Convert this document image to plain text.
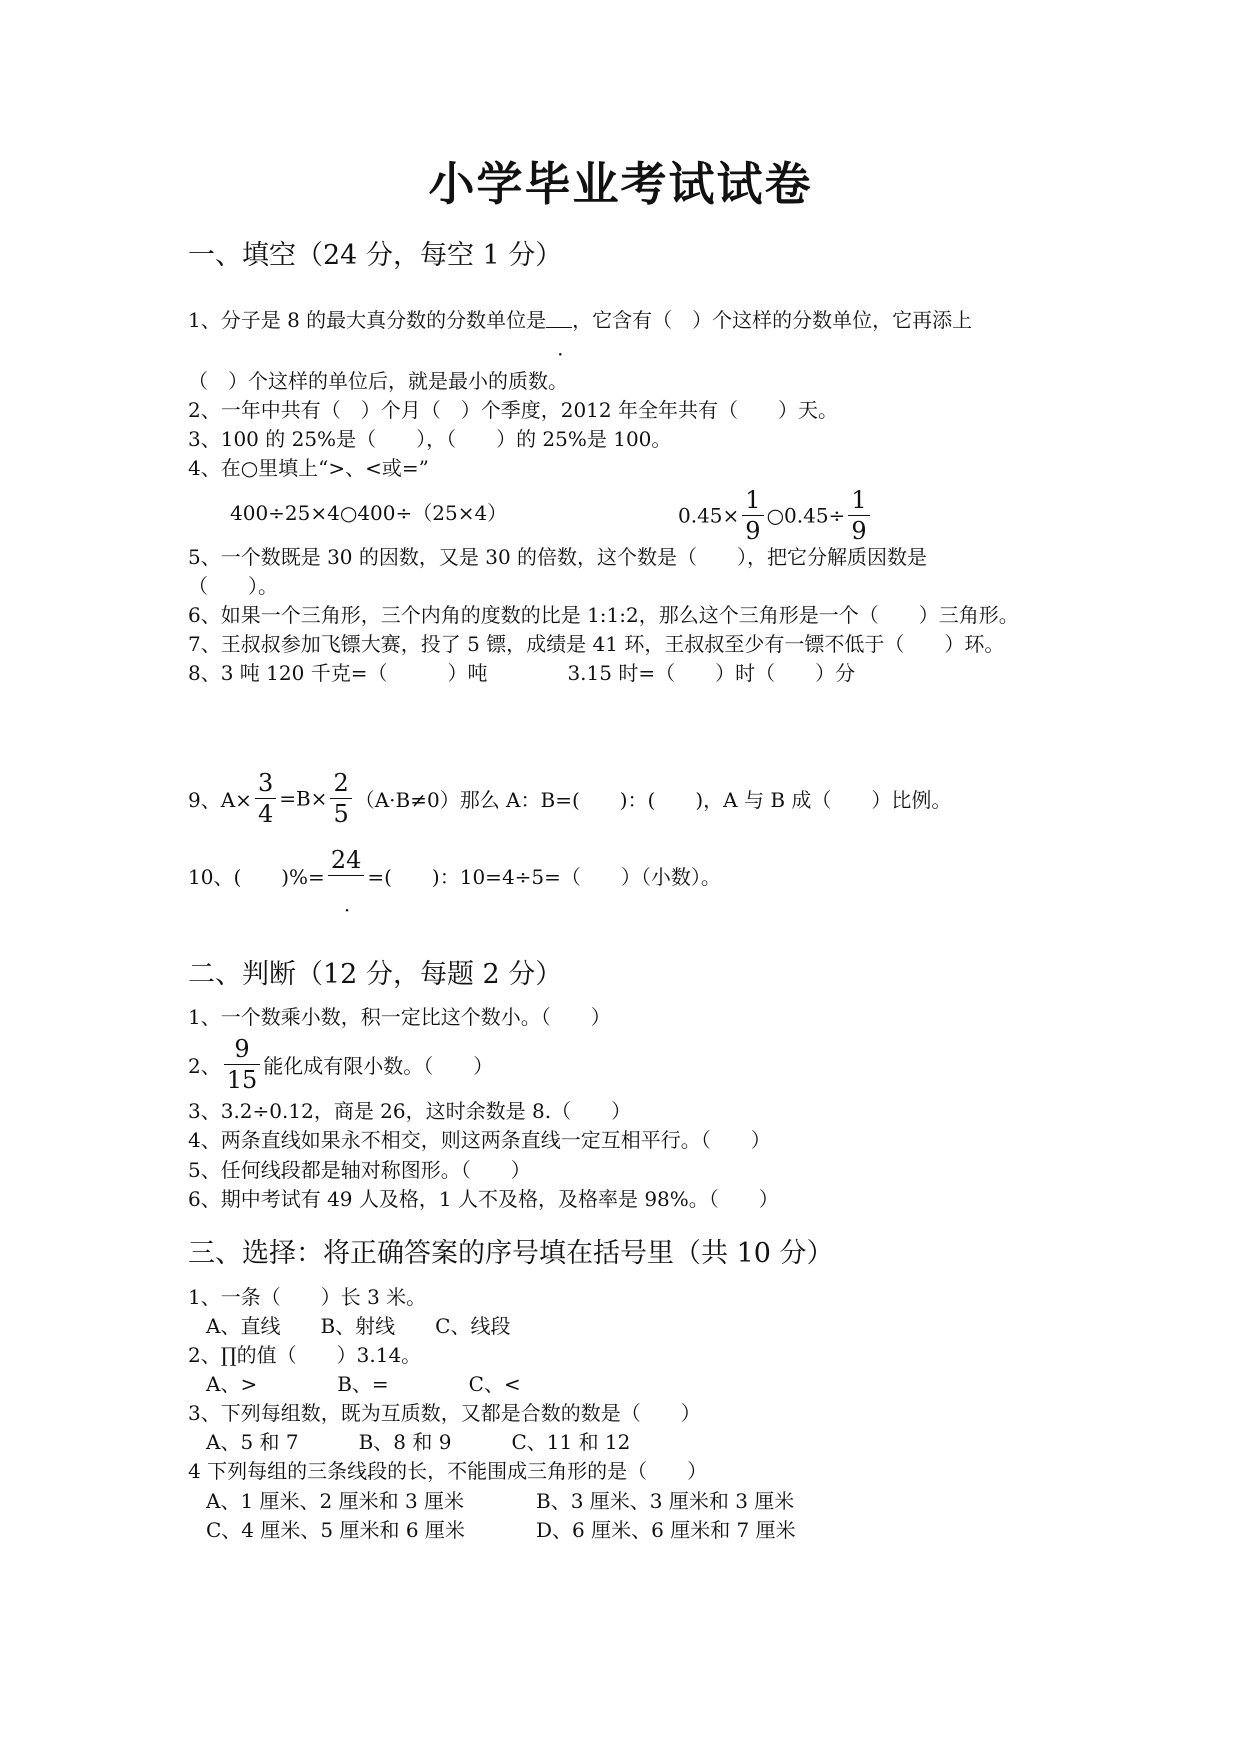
小学毕业考试试卷
一、填空（24 分，每空 1 分）
1、分子是 8 的最大真分数的分数单位是
·
，它含有（　）个这样的分数单位，它再添上
（　）个这样的单位后，就是最小的质数。
2、一年中共有（　）个月（　）个季度，2012 年全年共有（　　）天。
3、100 的 25%是（　　），（　　）的 25%是 100。
4、在○里填上“>、<或=”
400÷25×4○400÷（25×4）	$0.45\times \frac{1}{9}$ ○0.45÷ $\frac{1}{9}$
5、一个数既是 30 的因数，又是 30 的倍数，这个数是（　　），把它分解质因数是
（　　）。
6、如果一个三角形，三个内角的度数的比是 1:1:2，那么这个三角形是一个（　　）三角形。
7、王叔叔参加飞镖大赛，投了 5 镖，成绩是 41 环，王叔叔至少有一镖不低于（　　）环。
8、3 吨 120 千克=（　　　）吨　　　　3.15 时=（　　）时（　　）分
9、$A\times \frac{3}{4} =B\times \frac{2}{5} (A\cdot B\ne 0)$那么 A：B=(　　)：(　　)，A 与 B 成（　　）比例。
10、(　　)%=
24

·
=(　　)：10=4÷5=（　　）（小数）。
二、判断（12 分，每题 2 分）
1、一个数乘小数，积一定比这个数小。（　　）
2、 $\frac{9}{15}$ 能化成有限小数。（　　）
3、3.2÷0.12，商是 26，这时余数是 8.（　　）
4、两条直线如果永不相交，则这两条直线一定互相平行。（　　）
5、任何线段都是轴对称图形。（　　）
6、期中考试有 49 人及格，1 人不及格，及格率是 98%。（　　）
三、选择：将正确答案的序号填在括号里（共 10 分）
1、一条（　　）长 3 米。
A、直线　　B、射线　　C、线段
2、∏的值（　　）3.14。
A、>　　　　B、=　　　　C、<
3、下列每组数，既为互质数，又都是合数的数是（　　）
A、5 和 7　　　B、8 和 9　　　C、11 和 12
4 下列每组的三条线段的长，不能围成三角形的是（　　）
A、1 厘米、2 厘米和 3 厘米	B、3 厘米、3 厘米和 3 厘米
C、4 厘米、5 厘米和 6 厘米	D、6 厘米、6 厘米和 7 厘米
